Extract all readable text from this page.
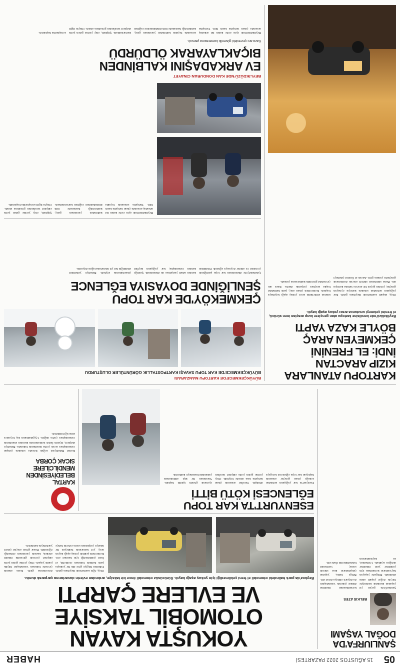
05
15 AĞUSTOS 2022 PAZARTESİ
HABER
ŞANLIURFA'DA
DOĞAL YAŞAMI
BELKIS ATES
Şanlıurfa'da geçen yıl yaşanan kuraklık nedeniyle birçok doğal yaşam alanı etkilendi. Bölgede yaşayan hayvanların korunması için yetkililer yeni önlemler aldığını açıkladı. Uzmanlar, su kaynaklarının korunmasının önemine dikkat çekerek vatandaşları da duyarlı olmaya davet etti. Bölge halkı, yapılan çalışmaların kısa sürede sonuç vermesini beklediklerini ifade etti.
YOKUŞTA KAYAN
OTOMOBİL TAKSİYE
VE EVLERE ÇARPTI
Beykoz'da park halindeki otomobil el freni çekilmediği için yokuş aşağı kaydı. Sürücüsüz otomobil önce bir taksiye, ardından evlerin duvarlarına çarparak durdu.
Olay, öğle saatlerinde meydana geldi. Edinilen bilgiye göre dik bir yokuşta park halinde bulunan otomobil, el freni çekilmediği için hareket etti. Kontrolsüz şekilde yokuş aşağı kayan araç, yol kenarında bekleyen bir taksiye çarptıktan sonra evlerin bahçe duvarlarına girdi. Kaza anında çevrede bulunan vatandaşlar büyük panik yaşadı. Olay yerine gelen polis ekipleri çevrede güvenlik önlemi alırken, kazada yaralanan olmadığı öğrenildi. Hasar gören araçlar çekici yardımıyla kaldırıldı.
ESENYURT'TA KAR TOPU
EĞLENCESİ KÖTÜ BİTTİ
Esenyurt'ta kar yağışının ardından sokağa çıkan gençler arasında başlayan kar topu eğlencesi kavgaya dönüştü. Taraflar arasında çıkan tartışma kısa sürede büyüdü. Olay yerine gelen polis ekipleri tarafları ayırarak gözaltı işlemi başlattı. Yaralanan bir kişi ambulansla yakındaki hastaneye kaldırıldı.
KARTAL
BELEDİYESİNDEN
MENDİLCİLERE
SICAK ÇORBA
Kartal Belediyesi soğuk havada sokakta çalışan vatandaşlara sıcak çorba ikramında bulundu. Belediye ekipleri, ilçenin farklı noktalarında kurulan standlarda vatandaşlara çorba dağıttı. Uygulamanın kış boyunca süreceği bildirildi.
KARTOPU ATANLARA
KIZIP ARACTAN
İNDİ: EL FRENİNİ
ÇEKMEYEN ARAÇ
BÖYLE KAZA YAPTI
Beylikdüzü'nde kendisine kartopu atan gençlere kızıp araçtan inen sürücü, el frenini çekmeyi unutunca aracı yokuş aşağı kaydı.
Olay, akşam saatlerinde meydana geldi. Kar yağışının ardından sokakta kartopu oynayan gençler, yoldan geçen bir aracın camına kartopu attı. Buna sinirlenen sürücü aracını durdurarak gençlerin yanına gitti. Ancak el frenini çekmeyi unutan sürücünün aracı yokuş aşağı kaymaya başladı. Kontrolden çıkan araç, park halindeki başka araçlara çarparak durdu. Kaza anı çevredeki güvenlik kamerasına yansıdı.
BÜYÜKÇEKMECE'DE KARTOPU MANZARASI
BÜYÜKÇEKMECE'DE KAR TOPU SAVAŞI KARTPOSTALLIK GÖRÜNTÜLER OLUŞTURDU
ÇEKMEKÖY'DE KAR TOPU
ŞENLİĞİNDE DOYASIYA EĞLENCE
Çekmeköy'de düzenlenen kar topu şenliğinde çocuklar ve aileler doyasıya eğlendi. Etkinlikte kardan adam yarışması da düzenlendi. Şenliğe katılan vatandaşlar, kar yağışının keyfini çıkardıklarını söyledi. Belediye yetkilileri etkinliğin her yıl tekrarlanacağını duyurdu.
Beylikdüzü'nde aynı evde kalan iki arkadaş arasında çıkan tartışma kanlı bitti. Tartışma sırasında bıçakla kalbinden yaralanan genç, kaldırıldığı hastanede tüm müdahalelere rağmen kurtarılamadı. Şüpheli, olay yerine gelen polis ekipleri tarafından gözaltına alındı. Olayla ilgili soruşturma başlatıldı.
BEYLİKDÜZÜ'NDE KAN DONDURAN CİNAYET
EV ARKADAŞINI KALBİNDEN
BIÇAKLAYARAK ÖLDÜRDÜ
Kaza anı çevredeki güvenlik kamerasına yansıdı.
Beylikdüzü'nde aynı evde kalan iki arkadaş arasında çıkan tartışma kanlı bitti. Tartışma sırasında bıçakla kalbinden yaralanan genç, kaldırıldığı hastanede tüm müdahalelere rağmen kurtarılamadı. Şüpheli, olay yerine gelen polis ekipleri tarafından gözaltına alındı. Olayla ilgili soruşturma başlatıldı.
